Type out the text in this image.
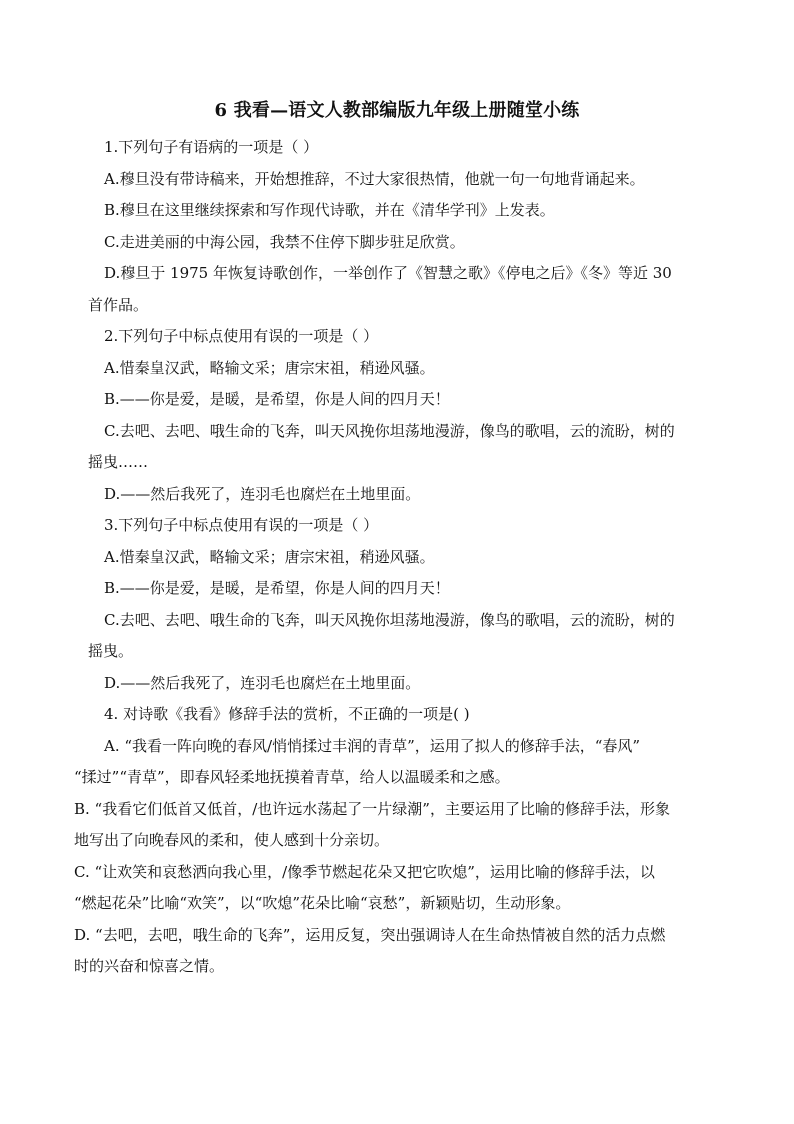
6 我看—语文人教部编版九年级上册随堂小练

1.下列句子有语病的一项是（ ）

A.穆旦没有带诗稿来，开始想推辞，不过大家很热情，他就一句一句地背诵起来。

B.穆旦在这里继续探索和写作现代诗歌，并在《清华学刊》上发表。

C.走进美丽的中海公园，我禁不住停下脚步驻足欣赏。

D.穆旦于 1975 年恢复诗歌创作，一举创作了《智慧之歌》《停电之后》《冬》等近 30

首作品。

2.下列句子中标点使用有误的一项是（ ）

A.惜秦皇汉武，略输文采；唐宗宋祖，稍逊风骚。

B.——你是爱，是暖，是希望，你是人间的四月天！

C.去吧、去吧、哦生命的飞奔，叫天风挽你坦荡地漫游，像鸟的歌唱，云的流盼，树的

摇曳……

D.——然后我死了，连羽毛也腐烂在土地里面。

3.下列句子中标点使用有误的一项是（ ）

A.惜秦皇汉武，略输文采；唐宗宋祖，稍逊风骚。

B.——你是爱，是暖，是希望，你是人间的四月天！

C.去吧、去吧、哦生命的飞奔，叫天风挽你坦荡地漫游，像鸟的歌唱，云的流盼，树的

摇曳。

D.——然后我死了，连羽毛也腐烂在土地里面。

4. 对诗歌《我看》修辞手法的赏析，不正确的一项是( )

A. “我看一阵向晚的春风/悄悄揉过丰润的青草”，运用了拟人的修辞手法，“春风”

“揉过”“青草”，即春风轻柔地抚摸着青草，给人以温暖柔和之感。

B. “我看它们低首又低首，/也许远水荡起了一片绿潮”，主要运用了比喻的修辞手法，形象

地写出了向晚春风的柔和，使人感到十分亲切。

C. “让欢笑和哀愁洒向我心里，/像季节燃起花朵又把它吹熄”，运用比喻的修辞手法，以

“燃起花朵”比喻“欢笑”，以“吹熄”花朵比喻“哀愁”，新颖贴切，生动形象。

D. “去吧，去吧，哦生命的飞奔”，运用反复，突出强调诗人在生命热情被自然的活力点燃

时的兴奋和惊喜之情。
